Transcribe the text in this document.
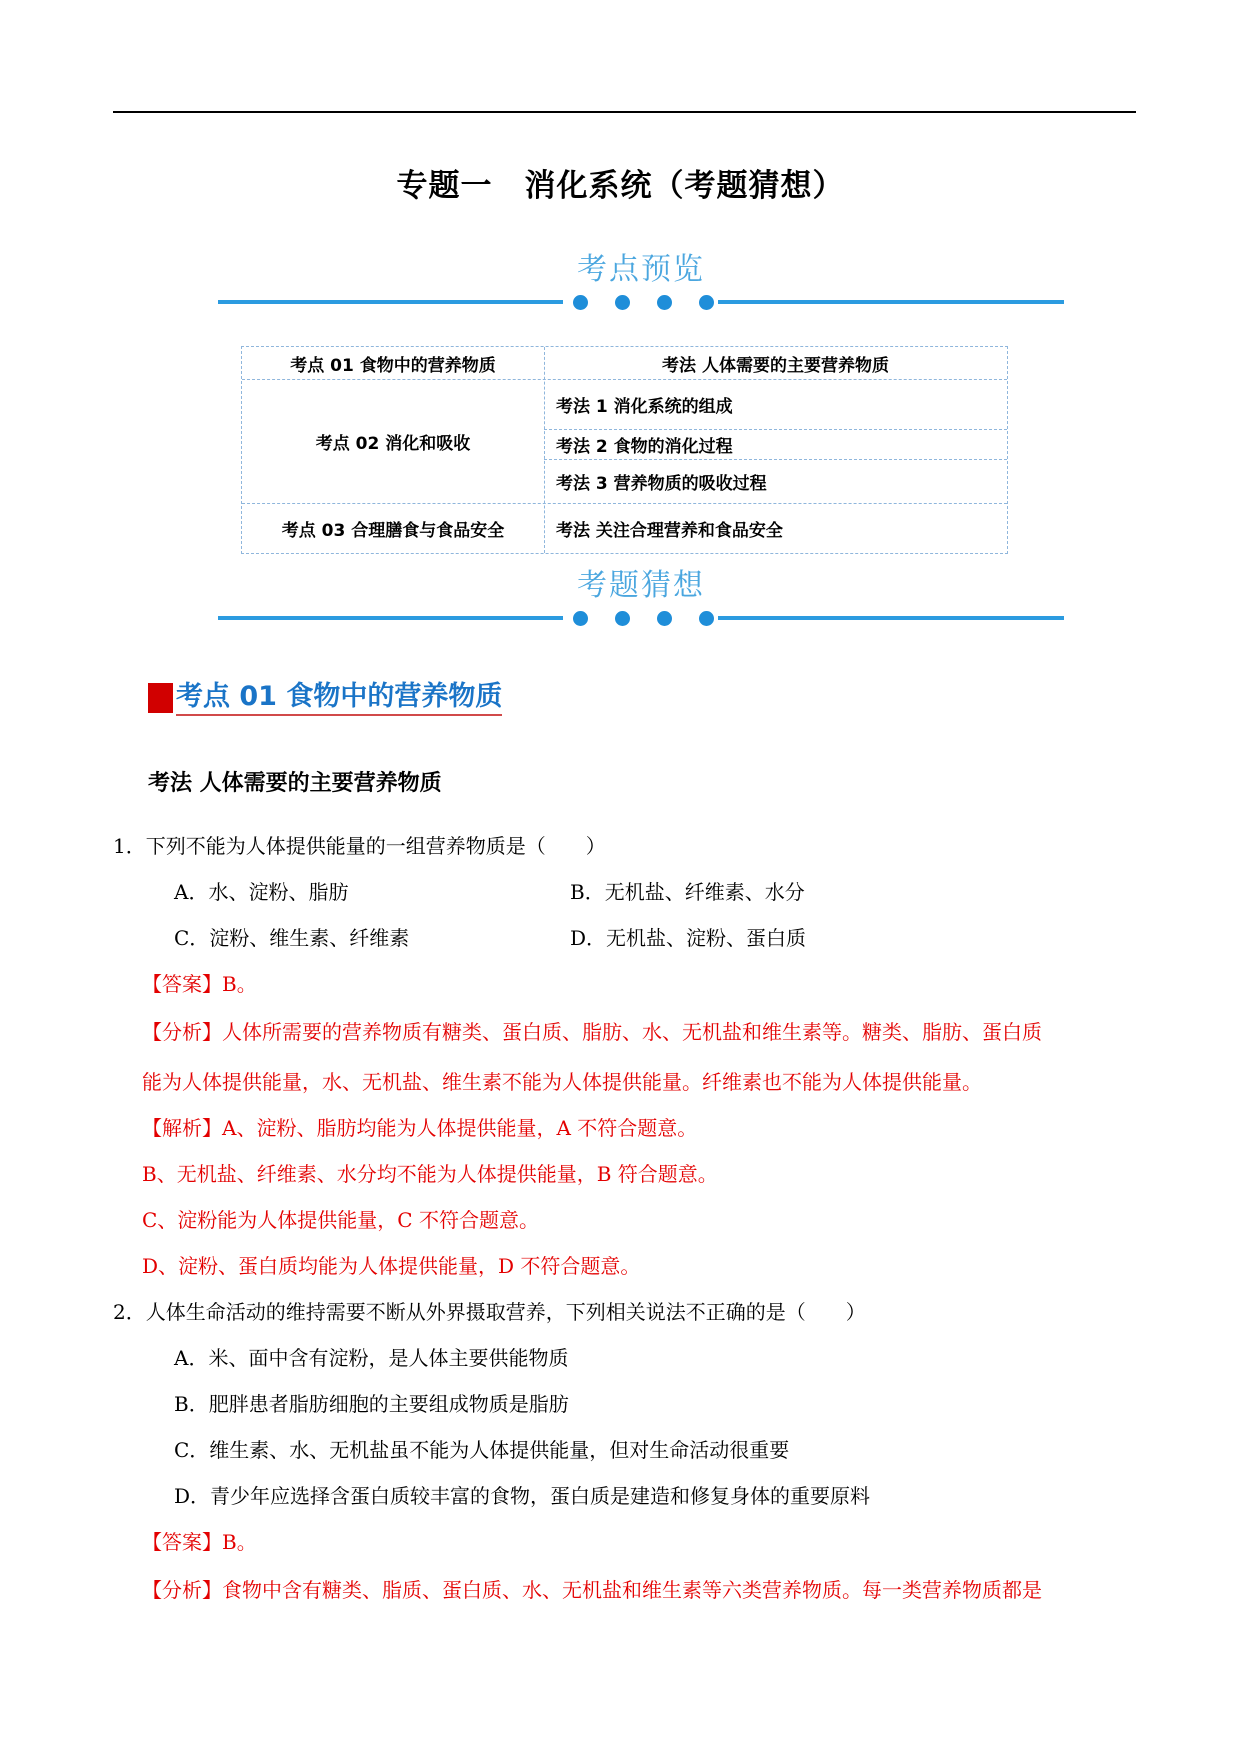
专题一　消化系统（考题猜想）
考点预览
考点 01 食物中的营养物质	考法 人体需要的主要营养物质
考点 02 消化和吸收
考法 1 消化系统的组成
考法 2 食物的消化过程
考法 3 营养物质的吸收过程
考点 03 合理膳食与食品安全	考法 关注合理营养和食品安全
考题猜想
考点 01 食物中的营养物质
考法 人体需要的主要营养物质
1．下列不能为人体提供能量的一组营养物质是（　　）
A．水、淀粉、脂肪	B．无机盐、纤维素、水分
C．淀粉、维生素、纤维素	D．无机盐、淀粉、蛋白质
【答案】B。
【分析】人体所需要的营养物质有糖类、蛋白质、脂肪、水、无机盐和维生素等。糖类、脂肪、蛋白质
能为人体提供能量，水、无机盐、维生素不能为人体提供能量。纤维素也不能为人体提供能量。
【解析】A、淀粉、脂肪均能为人体提供能量，A 不符合题意。
B、无机盐、纤维素、水分均不能为人体提供能量，B 符合题意。
C、淀粉能为人体提供能量，C 不符合题意。
D、淀粉、蛋白质均能为人体提供能量，D 不符合题意。
2．人体生命活动的维持需要不断从外界摄取营养，下列相关说法不正确的是（　　）
A．米、面中含有淀粉，是人体主要供能物质
B．肥胖患者脂肪细胞的主要组成物质是脂肪
C．维生素、水、无机盐虽不能为人体提供能量，但对生命活动很重要
D．青少年应选择含蛋白质较丰富的食物，蛋白质是建造和修复身体的重要原料
【答案】B。
【分析】食物中含有糖类、脂质、蛋白质、水、无机盐和维生素等六类营养物质。每一类营养物质都是
